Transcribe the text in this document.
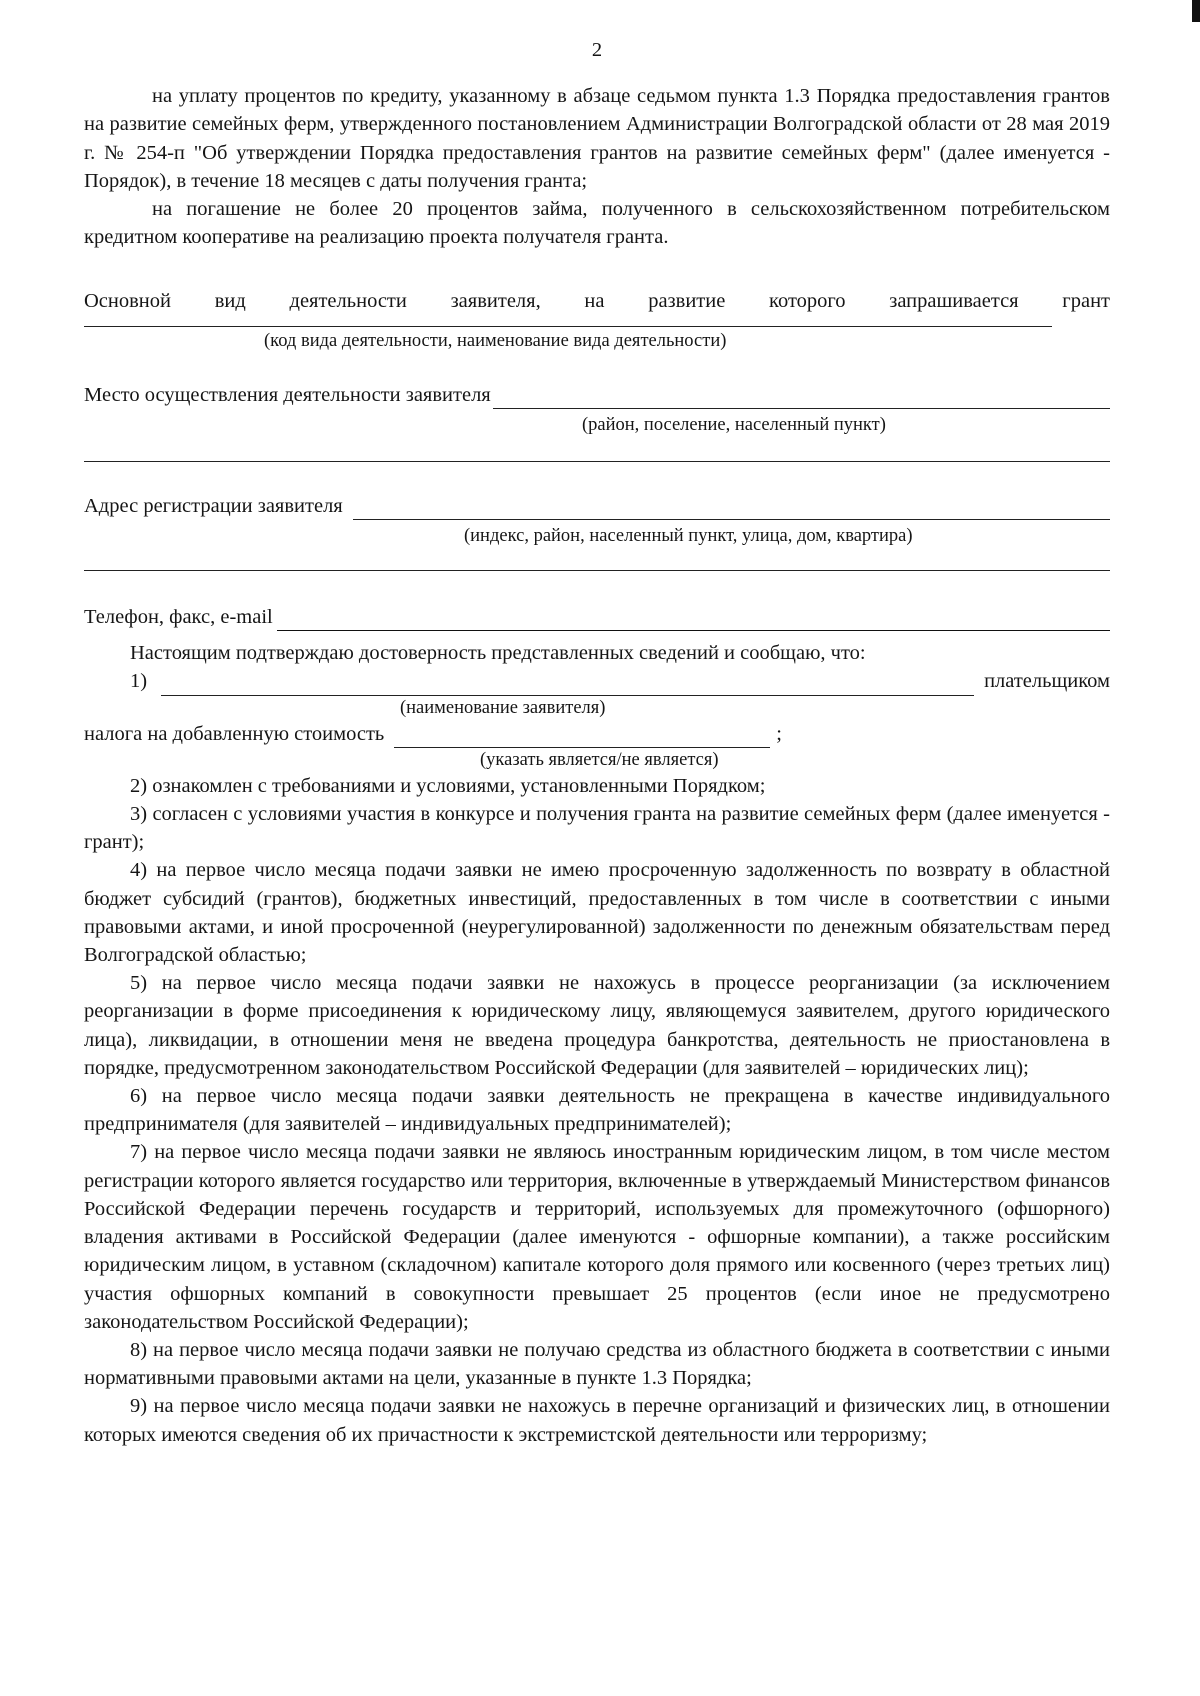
2

на уплату процентов по кредиту, указанному в абзаце седьмом пункта 1.3 Порядка предоставления грантов на развитие семейных ферм, утвержденного постановлением Администрации Волгоградской области от 28 мая 2019 г. № 254-п "Об утверждении Порядка предоставления грантов на развитие семейных ферм" (далее именуется - Порядок), в течение 18 месяцев с даты получения гранта;

на погашение не более 20 процентов займа, полученного в сельскохозяйственном потребительском кредитном кооперативе на реализацию проекта получателя гранта.

Основной вид деятельности заявителя, на развитие которого запрашивается грант

(код вида деятельности, наименование вида деятельности)
Место осуществления деятельности заявителя
(район, поселение, населенный пункт)
Адрес регистрации заявителя
(индекс, район, населенный пункт, улица, дом, квартира)
Телефон, факс, e-mail

Настоящим подтверждаю достоверность представленных сведений и сообщаю, что:

1)	плательщиком
(наименование заявителя)
налога на добавленную стоимость	;
(указать является/не является)

2) ознакомлен с требованиями и условиями, установленными Порядком;

3) согласен с условиями участия в конкурсе и получения гранта на развитие семейных ферм (далее именуется - грант);

4) на первое число месяца подачи заявки не имею просроченную задолженность по возврату в областной бюджет субсидий (грантов), бюджетных инвестиций, предоставленных в том числе в соответствии с иными правовыми актами, и иной просроченной (неурегулированной) задолженности по денежным обязательствам перед Волгоградской областью;

5) на первое число месяца подачи заявки не нахожусь в процессе реорганизации (за исключением реорганизации в форме присоединения к юридическому лицу, являющемуся заявителем, другого юридического лица), ликвидации, в отношении меня не введена процедура банкротства, деятельность не приостановлена в порядке, предусмотренном законодательством Российской Федерации (для заявителей – юридических лиц);

6) на первое число месяца подачи заявки деятельность не прекращена в качестве индивидуального предпринимателя (для заявителей – индивидуальных предпринимателей);

7) на первое число месяца подачи заявки не являюсь иностранным юридическим лицом, в том числе местом регистрации которого является государство или территория, включенные в утверждаемый Министерством финансов Российской Федерации перечень государств и территорий, используемых для промежуточного (офшорного) владения активами в Российской Федерации (далее именуются - офшорные компании), а также российским юридическим лицом, в уставном (складочном) капитале которого доля прямого или косвенного (через третьих лиц) участия офшорных компаний в совокупности превышает 25 процентов (если иное не предусмотрено законодательством Российской Федерации);

8) на первое число месяца подачи заявки не получаю средства из областного бюджета в соответствии с иными нормативными правовыми актами на цели, указанные в пункте 1.3 Порядка;

9) на первое число месяца подачи заявки не нахожусь в перечне организаций и физических лиц, в отношении которых имеются сведения об их причастности к экстремистской деятельности или терроризму;
